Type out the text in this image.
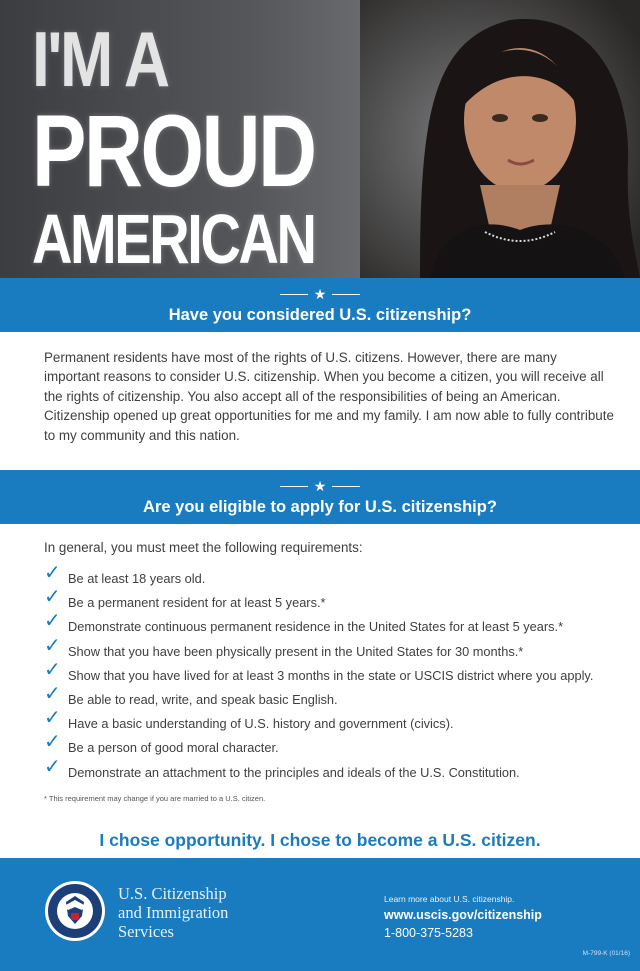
I'M A
PROUD
AMERICAN
★
Have you considered U.S. citizenship?
Permanent residents have most of the rights of U.S. citizens. However, there are many important reasons to consider U.S. citizenship. When you become a citizen, you will receive all the rights of citizenship. You also accept all of the responsibilities of being an American. Citizenship opened up great opportunities for me and my family. I am now able to fully contribute to my community and this nation.
★
Are you eligible to apply for U.S. citizenship?
In general, you must meet the following requirements:
✓ Be at least 18 years old.
✓ Be a permanent resident for at least 5 years.*
✓ Demonstrate continuous permanent residence in the United States for at least 5 years.*
✓ Show that you have been physically present in the United States for 30 months.*
✓ Show that you have lived for at least 3 months in the state or USCIS district where you apply.
✓ Be able to read, write, and speak basic English.
✓ Have a basic understanding of U.S. history and government (civics).
✓ Be a person of good moral character.
✓ Demonstrate an attachment to the principles and ideals of the U.S. Constitution.
* This requirement may change if you are married to a U.S. citizen.
I chose opportunity. I chose to become a U.S. citizen.
U.S. Citizenship
and Immigration
Services
Learn more about U.S. citizenship.
www.uscis.gov/citizenship
1-800-375-5283
M-799-K (01/16)
